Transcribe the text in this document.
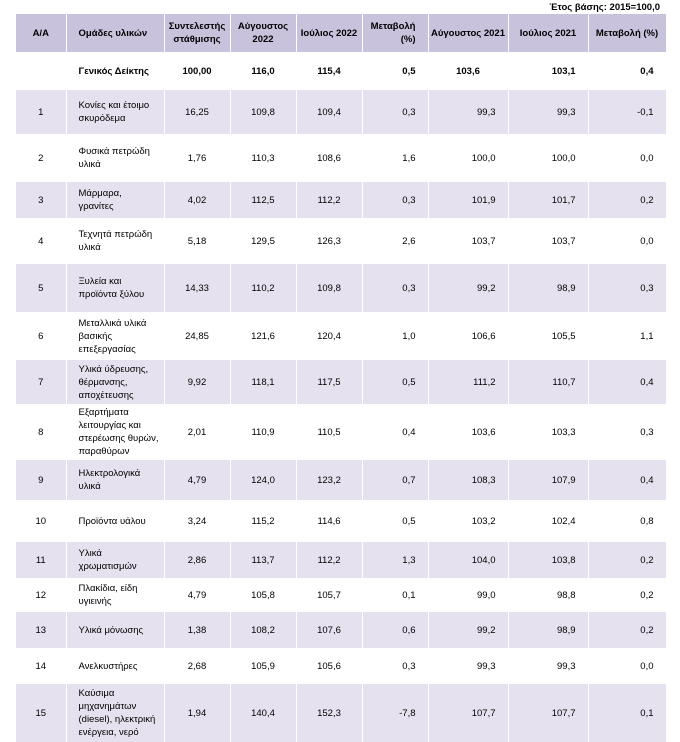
Έτος βάσης: 2015=100,0
Α/Α	Ομάδες υλικών	Συντελεστής στάθμισης	Αύγουστος 2022	Ιούλιος 2022	Μεταβολή (%)	Αύγουστος 2021	Ιούλιος 2021	Μεταβολή (%)
	Γενικός Δείκτης	100,00	116,0	115,4	0,5	103,6	103,1	0,4
1	Κονίες και έτοιμο σκυρόδεμα	16,25	109,8	109,4	0,3	99,3	99,3	-0,1
2	Φυσικά πετρώδη υλικά	1,76	110,3	108,6	1,6	100,0	100,0	0,0
3	Μάρμαρα, γρανίτες	4,02	112,5	112,2	0,3	101,9	101,7	0,2
4	Τεχνητά πετρώδη υλικά	5,18	129,5	126,3	2,6	103,7	103,7	0,0
5	Ξυλεία και προϊόντα ξύλου	14,33	110,2	109,8	0,3	99,2	98,9	0,3
6	Μεταλλικά υλικά βασικής επεξεργασίας	24,85	121,6	120,4	1,0	106,6	105,5	1,1
7	Υλικά ύδρευσης, θέρμανσης, αποχέτευσης	9,92	118,1	117,5	0,5	111,2	110,7	0,4
8	Εξαρτήματα λειτουργίας και στερέωσης θυρών, παραθύρων	2,01	110,9	110,5	0,4	103,6	103,3	0,3
9	Ηλεκτρολογικά υλικά	4,79	124,0	123,2	0,7	108,3	107,9	0,4
10	Προϊόντα υάλου	3,24	115,2	114,6	0,5	103,2	102,4	0,8
11	Υλικά χρωματισμών	2,86	113,7	112,2	1,3	104,0	103,8	0,2
12	Πλακίδια, είδη υγιεινής	4,79	105,8	105,7	0,1	99,0	98,8	0,2
13	Υλικά μόνωσης	1,38	108,2	107,6	0,6	99,2	98,9	0,2
14	Ανελκυστήρες	2,68	105,9	105,6	0,3	99,3	99,3	0,0
15	Καύσιμα μηχανημάτων (diesel), ηλεκτρική ενέργεια, νερό	1,94	140,4	152,3	-7,8	107,7	107,7	0,1
